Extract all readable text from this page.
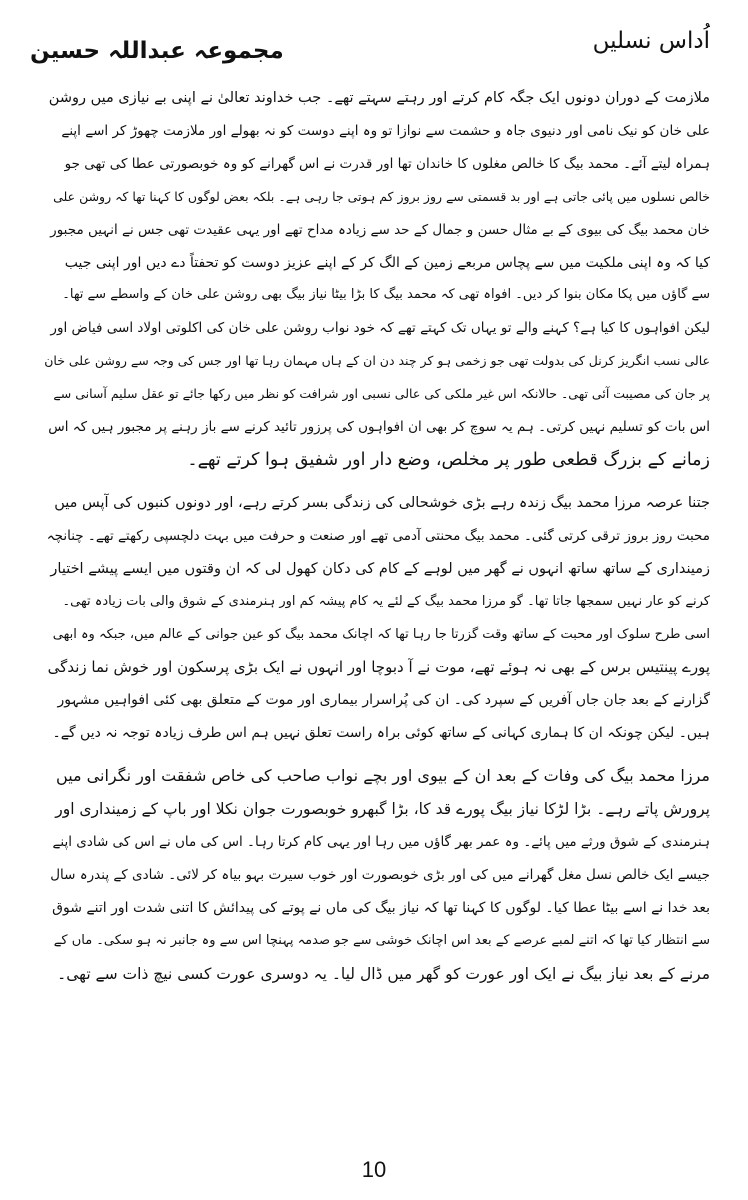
اُداس نسلیں
مجموعہ عبداللہ حسین
ملازمت کے دوران دونوں ایک جگہ کام کرتے اور رہتے سہتے تھے۔ جب خداوند تعالیٰ نے اپنی بے نیازی میں روشن
علی خان کو نیک نامی اور دنیوی جاہ و حشمت سے نوازا تو وہ اپنے دوست کو نہ بھولے اور ملازمت چھوڑ کر اسے اپنے
ہمراہ لیتے آئے۔ محمد بیگ کا خالص مغلوں کا خاندان تھا اور قدرت نے اس گھرانے کو وہ خوبصورتی عطا کی تھی جو
خالص نسلوں میں پائی جاتی ہے اور بد قسمتی سے روز بروز کم ہوتی جا رہی ہے۔ بلکہ بعض لوگوں کا کہنا تھا کہ روشن علی
خان محمد بیگ کی بیوی کے بے مثال حسن و جمال کے حد سے زیادہ مداح تھے اور یہی عقیدت تھی جس نے انہیں مجبور
کیا کہ وہ اپنی ملکیت میں سے پچاس مربعے زمین کے الگ کر کے اپنے عزیز دوست کو تحفتاً دے دیں اور اپنی جیب
سے گاؤں میں پکا مکان بنوا کر دیں۔ افواہ تھی کہ محمد بیگ کا بڑا بیٹا نیاز بیگ بھی روشن علی خان کے واسطے سے تھا۔
لیکن افواہوں کا کیا ہے؟ کہنے والے تو یہاں تک کہتے تھے کہ خود نواب روشن علی خان کی اکلوتی اولاد اسی فیاض اور
عالی نسب انگریز کرنل کی بدولت تھی جو زخمی ہو کر چند دن ان کے ہاں مہمان رہا تھا اور جس کی وجہ سے روشن علی خان
پر جان کی مصیبت آئی تھی۔ حالانکہ اس غیر ملکی کی عالی نسبی اور شرافت کو نظر میں رکھا جائے تو عقل سلیم آسانی سے
اس بات کو تسلیم نہیں کرتی۔ ہم یہ سوچ کر بھی ان افواہوں کی پرزور تائید کرنے سے باز رہنے پر مجبور ہیں کہ اس
زمانے کے بزرگ قطعی طور پر مخلص، وضع دار اور شفیق ہوا کرتے تھے۔
جتنا عرصہ مرزا محمد بیگ زندہ رہے بڑی خوشحالی کی زندگی بسر کرتے رہے، اور دونوں کنبوں کی آپس میں
محبت روز بروز ترقی کرتی گئی۔ محمد بیگ محنتی آدمی تھے اور صنعت و حرفت میں بہت دلچسپی رکھتے تھے۔ چنانچہ
زمینداری کے ساتھ ساتھ انہوں نے گھر میں لوہے کے کام کی دکان کھول لی کہ ان وقتوں میں ایسے پیشے اختیار
کرنے کو عار نہیں سمجھا جاتا تھا۔ گو مرزا محمد بیگ کے لئے یہ کام پیشہ کم اور ہنرمندی کے شوق والی بات زیادہ تھی۔
اسی طرح سلوک اور محبت کے ساتھ وقت گزرتا جا رہا تھا کہ اچانک محمد بیگ کو عین جوانی کے عالم میں، جبکہ وہ ابھی
پورے پینتیس برس کے بھی نہ ہوئے تھے، موت نے آ دبوچا اور انہوں نے ایک بڑی پرسکون اور خوش نما زندگی
گزارنے کے بعد جان جاں آفریں کے سپرد کی۔ ان کی پُراسرار بیماری اور موت کے متعلق بھی کئی افواہیں مشہور
ہیں۔ لیکن چونکہ ان کا ہماری کہانی کے ساتھ کوئی براہ راست تعلق نہیں ہم اس طرف زیادہ توجہ نہ دیں گے۔
مرزا محمد بیگ کی وفات کے بعد ان کے بیوی اور بچے نواب صاحب کی خاص شفقت اور نگرانی میں
پرورش پاتے رہے۔ بڑا لڑکا نیاز بیگ پورے قد کا، بڑا گبھرو خوبصورت جوان نکلا اور باپ کے زمینداری اور
ہنرمندی کے شوق ورثے میں پائے۔ وہ عمر بھر گاؤں میں رہا اور یہی کام کرتا رہا۔ اس کی ماں نے اس کی شادی اپنے
جیسے ایک خالص نسل مغل گھرانے میں کی اور بڑی خوبصورت اور خوب سیرت بہو بیاہ کر لائی۔ شادی کے پندرہ سال
بعد خدا نے اسے بیٹا عطا کیا۔ لوگوں کا کہنا تھا کہ نیاز بیگ کی ماں نے پوتے کی پیدائش کا اتنی شدت اور اتنے شوق
سے انتظار کیا تھا کہ اتنے لمبے عرصے کے بعد اس اچانک خوشی سے جو صدمہ پہنچا اس سے وہ جانبر نہ ہو سکی۔ ماں کے
مرنے کے بعد نیاز بیگ نے ایک اور عورت کو گھر میں ڈال لیا۔ یہ دوسری عورت کسی نیچ ذات سے تھی۔
10
